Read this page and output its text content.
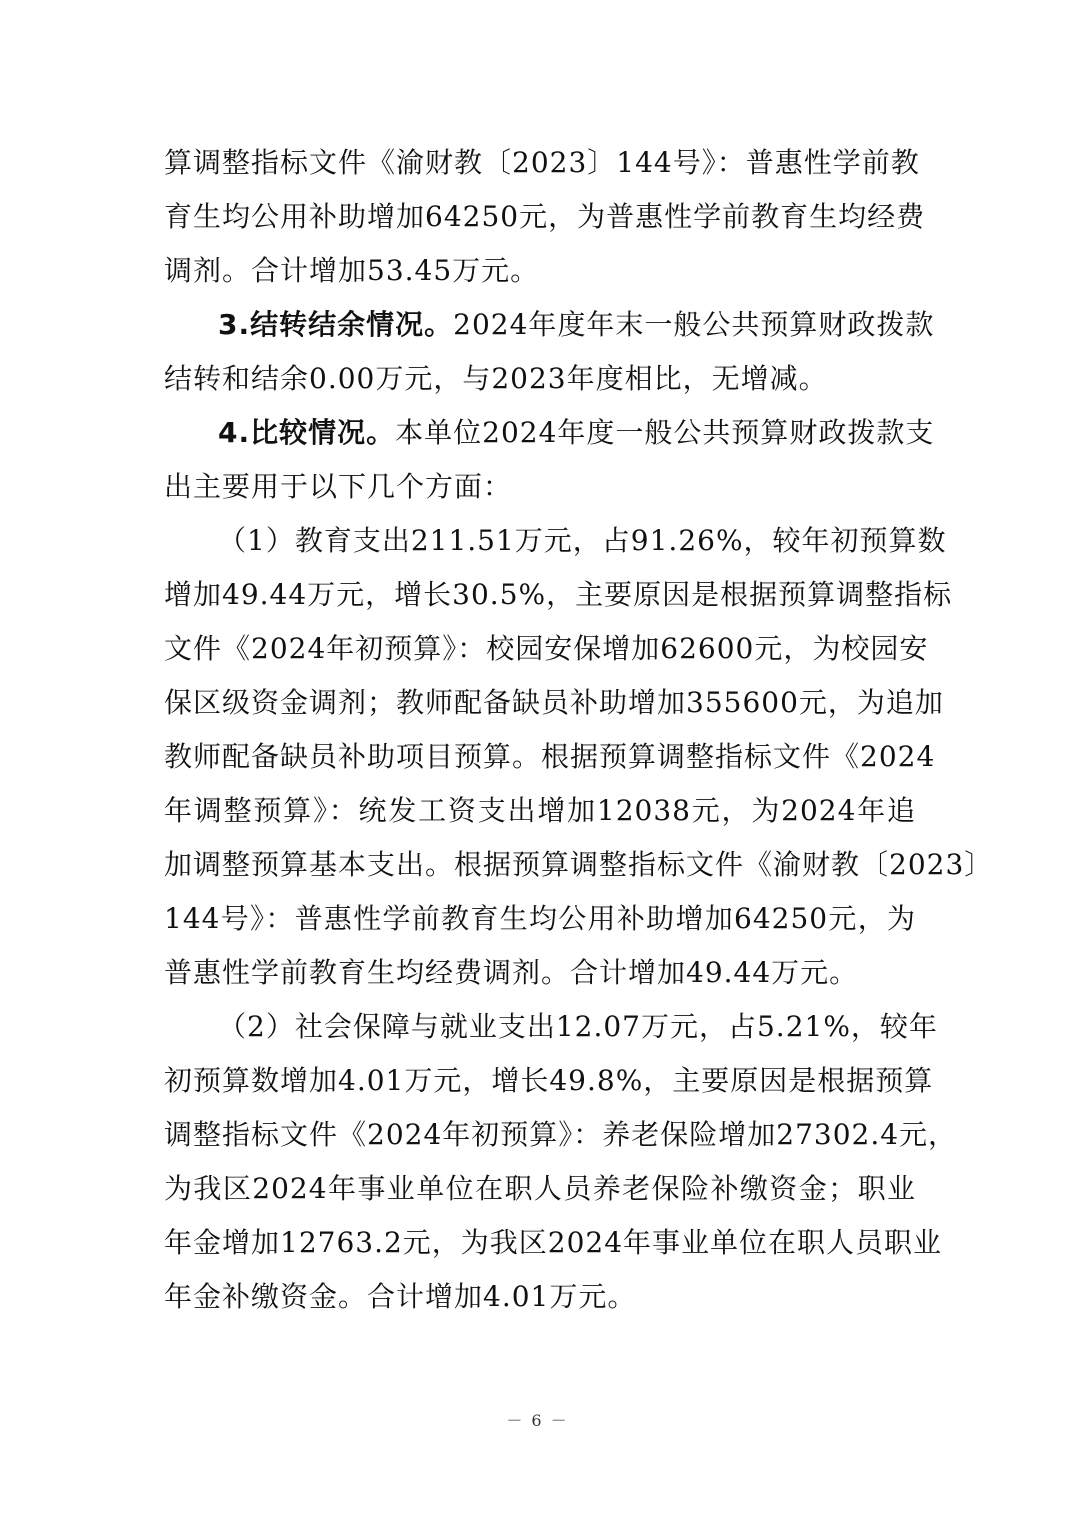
算调整指标文件《渝财教〔2023〕144号》：普惠性学前教
育生均公用补助增加64250元，为普惠性学前教育生均经费
调剂。合计增加53.45万元。
3.结转结余情况。2024年度年末一般公共预算财政拨款
结转和结余0.00万元，与2023年度相比，无增减。
4.比较情况。本单位2024年度一般公共预算财政拨款支
出主要用于以下几个方面：
（1）教育支出211.51万元，占91.26%，较年初预算数
增加49.44万元，增长30.5%，主要原因是根据预算调整指标
文件《2024年初预算》：校园安保增加62600元，为校园安
保区级资金调剂；教师配备缺员补助增加355600元，为追加
教师配备缺员补助项目预算。根据预算调整指标文件《2024
年调整预算》：统发工资支出增加12038元，为2024年追
加调整预算基本支出。根据预算调整指标文件《渝财教〔2023〕
144号》：普惠性学前教育生均公用补助增加64250元，为
普惠性学前教育生均经费调剂。合计增加49.44万元。
（2）社会保障与就业支出12.07万元，占5.21%，较年
初预算数增加4.01万元，增长49.8%，主要原因是根据预算
调整指标文件《2024年初预算》：养老保险增加27302.4元，
为我区2024年事业单位在职人员养老保险补缴资金；职业
年金增加12763.2元，为我区2024年事业单位在职人员职业
年金补缴资金。合计增加4.01万元。
－ 6 －
